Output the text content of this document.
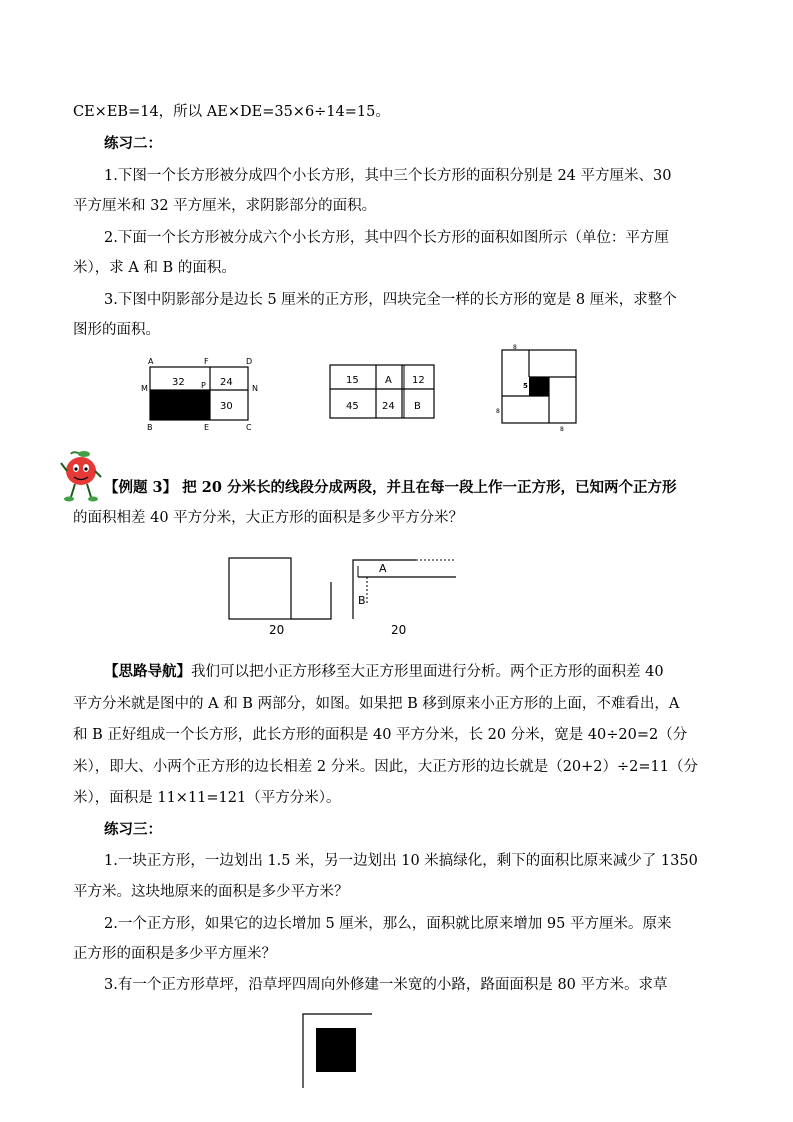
CE×EB=14，所以 AE×DE=35×6÷14=15。
练习二：
1.下图一个长方形被分成四个小长方形，其中三个长方形的面积分别是 24 平方厘米、30
平方厘米和 32 平方厘米，求阴影部分的面积。
2.下面一个长方形被分成六个小长方形，其中四个长方形的面积如图所示（单位：平方厘
米），求 A 和 B 的面积。
3.下图中阴影部分是边长 5 厘米的正方形，四块完全一样的长方形的宽是 8 厘米，求整个
图形的面积。
A	F	D
M	P	N
B	E	C
32	24
30
15	A 12
45 24 B
8
5
8
8
【例题 3】 把 20 分米长的线段分成两段，并且在每一段上作一正方形，已知两个正方形
的面积相差 40 平方分米，大正方形的面积是多少平方分米？
20
A
B
20
【思路导航】我们可以把小正方形移至大正方形里面进行分析。两个正方形的面积差 40
平方分米就是图中的 A 和 B 两部分，如图。如果把 B 移到原来小正方形的上面，不难看出，A
和 B 正好组成一个长方形，此长方形的面积是 40 平方分米，长 20 分米，宽是 40÷20=2（分
米），即大、小两个正方形的边长相差 2 分米。因此，大正方形的边长就是（20+2）÷2=11（分
米），面积是 11×11=121（平方分米）。
练习三：
1.一块正方形，一边划出 1.5 米，另一边划出 10 米搞绿化，剩下的面积比原来减少了 1350
平方米。这块地原来的面积是多少平方米？
2.一个正方形，如果它的边长增加 5 厘米，那么，面积就比原来增加 95 平方厘米。原来
正方形的面积是多少平方厘米？
3.有一个正方形草坪，沿草坪四周向外修建一米宽的小路，路面面积是 80 平方米。求草
